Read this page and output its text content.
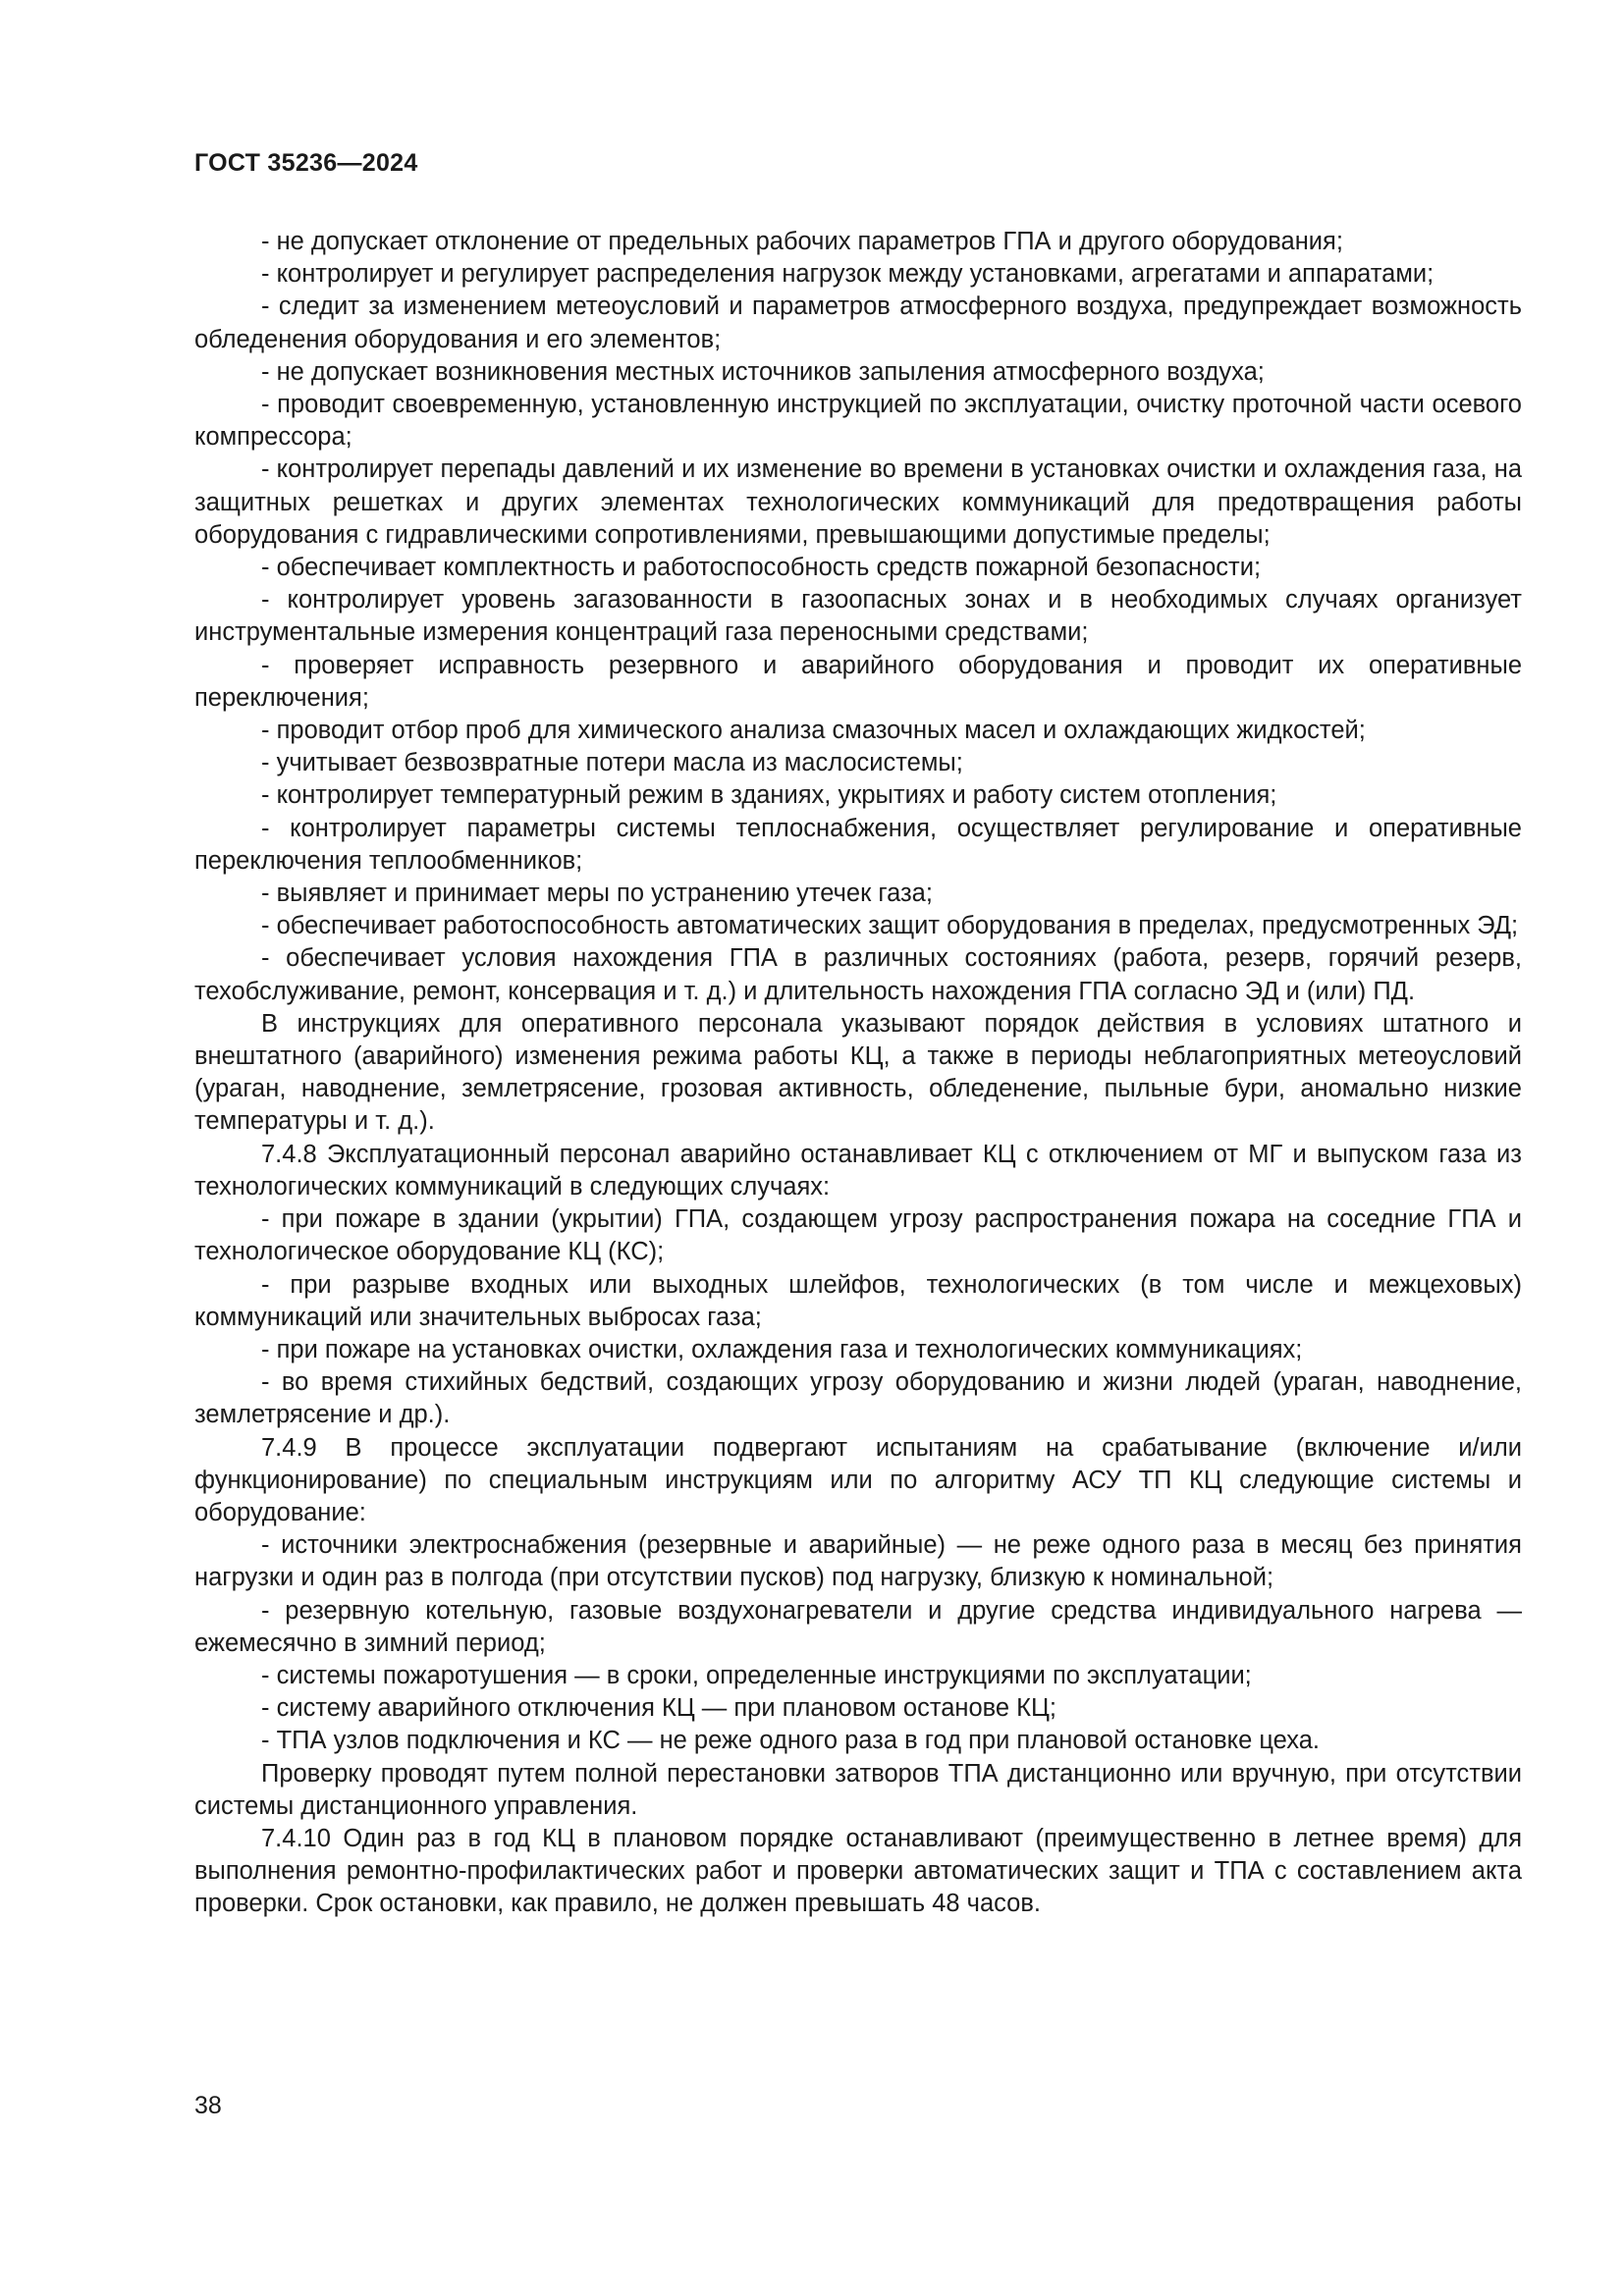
ГОСТ 35236—2024

- не допускает отклонение от предельных рабочих параметров ГПА и другого оборудования;

- контролирует и регулирует распределения нагрузок между установками, агрегатами и аппаратами;

- следит за изменением метеоусловий и параметров атмосферного воздуха, предупреждает возможность обледенения оборудования и его элементов;

- не допускает возникновения местных источников запыления атмосферного воздуха;

- проводит своевременную, установленную инструкцией по эксплуатации, очистку проточной части осевого компрессора;

- контролирует перепады давлений и их изменение во времени в установках очистки и охлаждения газа, на защитных решетках и других элементах технологических коммуникаций для предотвращения работы оборудования с гидравлическими сопротивлениями, превышающими допустимые пределы;

- обеспечивает комплектность и работоспособность средств пожарной безопасности;

- контролирует уровень загазованности в газоопасных зонах и в необходимых случаях организует инструментальные измерения концентраций газа переносными средствами;

- проверяет исправность резервного и аварийного оборудования и проводит их оперативные переключения;

- проводит отбор проб для химического анализа смазочных масел и охлаждающих жидкостей;

- учитывает безвозвратные потери масла из маслосистемы;

- контролирует температурный режим в зданиях, укрытиях и работу систем отопления;

- контролирует параметры системы теплоснабжения, осуществляет регулирование и оперативные переключения теплообменников;

- выявляет и принимает меры по устранению утечек газа;

- обеспечивает работоспособность автоматических защит оборудования в пределах, предусмотренных ЭД;

- обеспечивает условия нахождения ГПА в различных состояниях (работа, резерв, горячий резерв, техобслуживание, ремонт, консервация и т. д.) и длительность нахождения ГПА согласно ЭД и (или) ПД.

В инструкциях для оперативного персонала указывают порядок действия в условиях штатного и внештатного (аварийного) изменения режима работы КЦ, а также в периоды неблагоприятных метеоусловий (ураган, наводнение, землетрясение, грозовая активность, обледенение, пыльные бури, аномально низкие температуры и т. д.).

7.4.8 Эксплуатационный персонал аварийно останавливает КЦ с отключением от МГ и выпуском газа из технологических коммуникаций в следующих случаях:

- при пожаре в здании (укрытии) ГПА, создающем угрозу распространения пожара на соседние ГПА и технологическое оборудование КЦ (КС);

- при разрыве входных или выходных шлейфов, технологических (в том числе и межцеховых) коммуникаций или значительных выбросах газа;

- при пожаре на установках очистки, охлаждения газа и технологических коммуникациях;

- во время стихийных бедствий, создающих угрозу оборудованию и жизни людей (ураган, наводнение, землетрясение и др.).

7.4.9 В процессе эксплуатации подвергают испытаниям на срабатывание (включение и/или функционирование) по специальным инструкциям или по алгоритму АСУ ТП КЦ следующие системы и оборудование:

- источники электроснабжения (резервные и аварийные) — не реже одного раза в месяц без принятия нагрузки и один раз в полгода (при отсутствии пусков) под нагрузку, близкую к номинальной;

- резервную котельную, газовые воздухонагреватели и другие средства индивидуального нагрева — ежемесячно в зимний период;

- системы пожаротушения — в сроки, определенные инструкциями по эксплуатации;

- систему аварийного отключения КЦ — при плановом останове КЦ;

- ТПА узлов подключения и КС — не реже одного раза в год при плановой остановке цеха.

Проверку проводят путем полной перестановки затворов ТПА дистанционно или вручную, при отсутствии системы дистанционного управления.

7.4.10 Один раз в год КЦ в плановом порядке останавливают (преимущественно в летнее время) для выполнения ремонтно-профилактических работ и проверки автоматических защит и ТПА с составлением акта проверки. Срок остановки, как правило, не должен превышать 48 часов.

38
